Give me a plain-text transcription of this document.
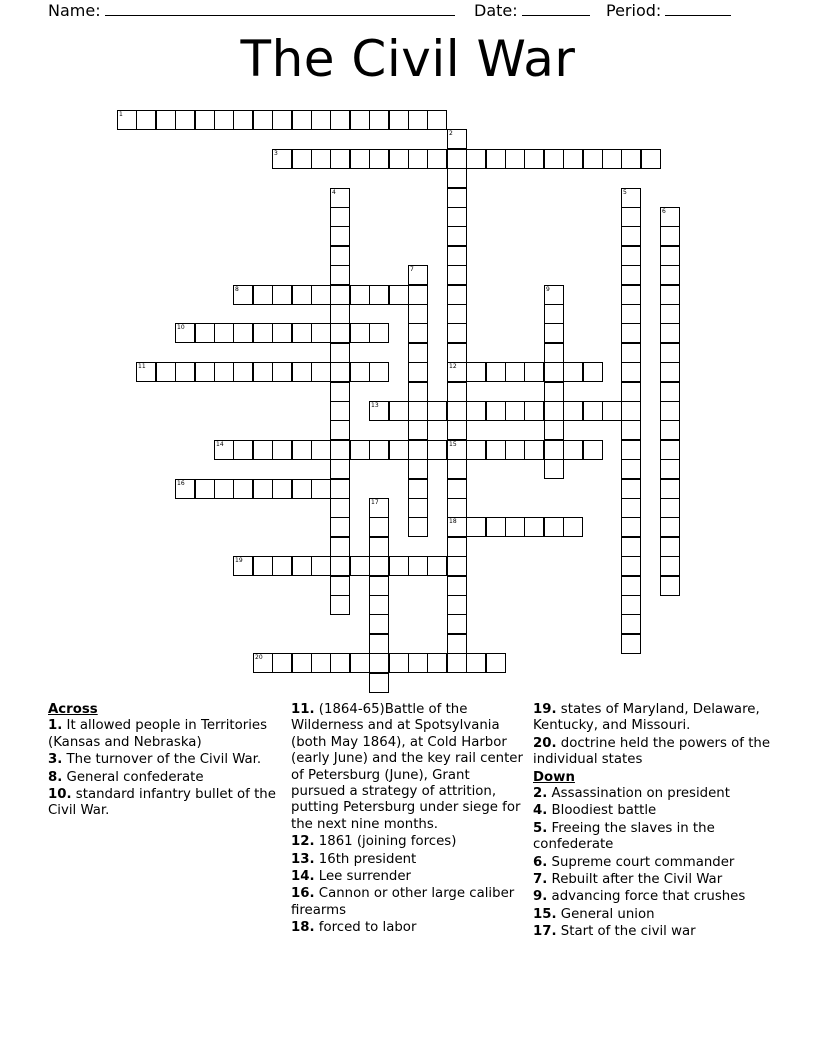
Name:	Date:	Period:
The Civil War
1
3
8
10
11	12
13
14	15
16
18
19
20
2
4	5
6
7
9
17
Across
1. It allowed people in Territories (Kansas and Nebraska)
3. The turnover of the Civil War.
8. General confederate
10. standard infantry bullet of the Civil War.
11. (1864-65)Battle of the Wilderness and at Spotsylvania (both May 1864), at Cold Harbor (early June) and the key rail center of Petersburg (June), Grant pursued a strategy of attrition, putting Petersburg under siege for the next nine months.
12. 1861 (joining forces)
13. 16th president
14. Lee surrender
16. Cannon or other large caliber firearms
18. forced to labor
19. states of Maryland, Delaware, Kentucky, and Missouri.
20. doctrine held the powers of the individual states
Down
2. Assassination on president
4. Bloodiest battle
5. Freeing the slaves in the confederate
6. Supreme court commander
7. Rebuilt after the Civil War
9. advancing force that crushes
15. General union
17. Start of the civil war
